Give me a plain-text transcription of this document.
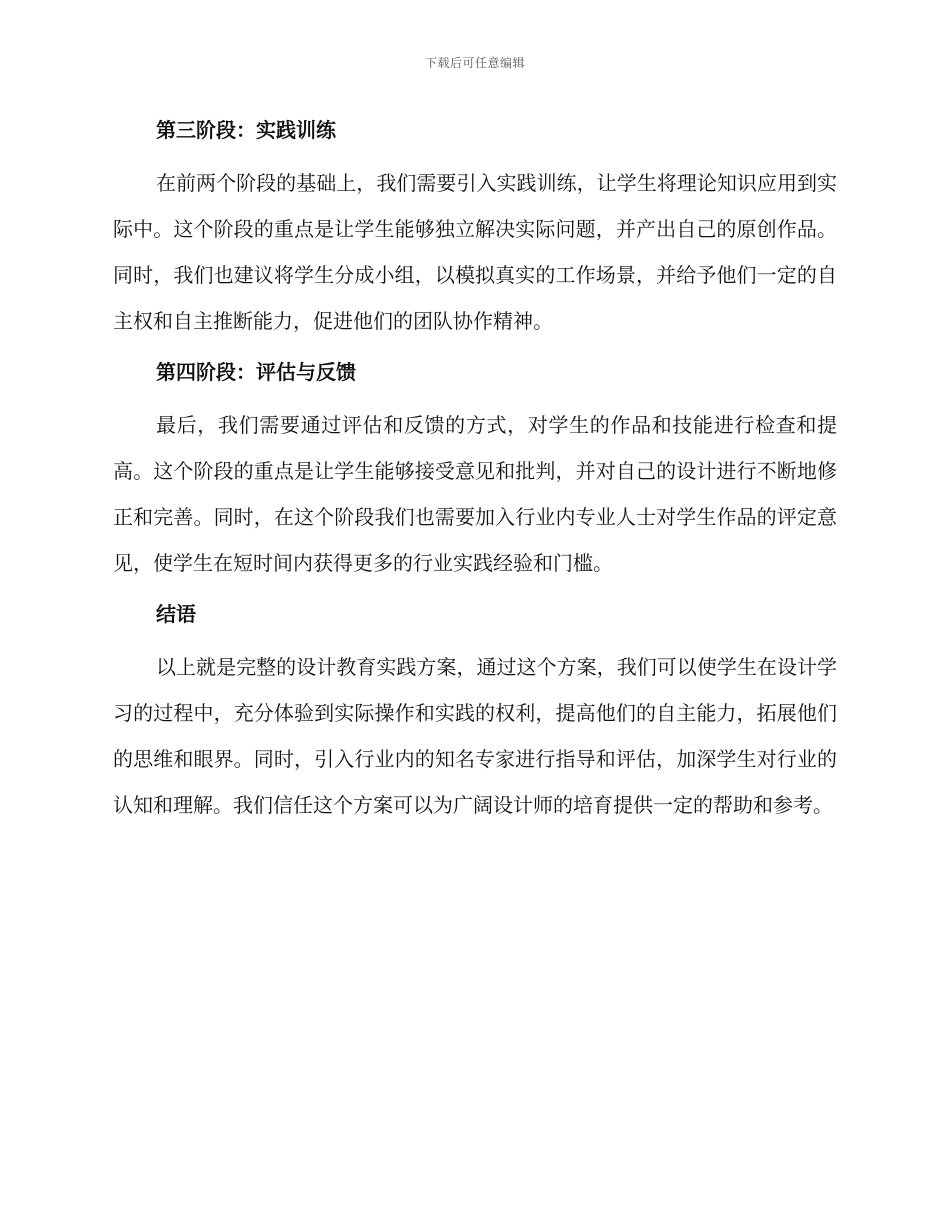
下载后可任意编辑
第三阶段：实践训练

在前两个阶段的基础上，我们需要引入实践训练，让学生将理论知识应用到实际中。这个阶段的重点是让学生能够独立解决实际问题，并产出自己的原创作品。同时，我们也建议将学生分成小组，以模拟真实的工作场景，并给予他们一定的自主权和自主推断能力，促进他们的团队协作精神。

第四阶段：评估与反馈

最后，我们需要通过评估和反馈的方式，对学生的作品和技能进行检查和提高。这个阶段的重点是让学生能够接受意见和批判，并对自己的设计进行不断地修正和完善。同时，在这个阶段我们也需要加入行业内专业人士对学生作品的评定意见，使学生在短时间内获得更多的行业实践经验和门槛。

结语

以上就是完整的设计教育实践方案，通过这个方案，我们可以使学生在设计学习的过程中，充分体验到实际操作和实践的权利，提高他们的自主能力，拓展他们的思维和眼界。同时，引入行业内的知名专家进行指导和评估，加深学生对行业的认知和理解。我们信任这个方案可以为广阔设计师的培育提供一定的帮助和参考。
